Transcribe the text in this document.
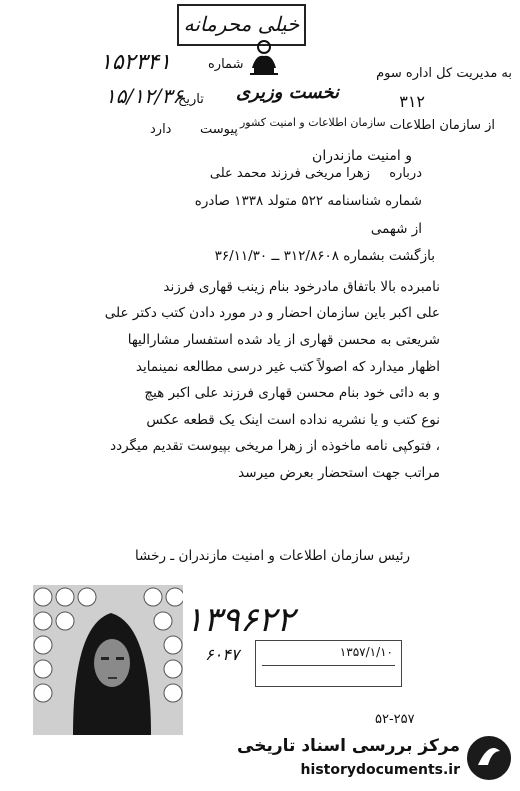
خیلی محرمانه
به مدیریت کل اداره سوم
شماره
۱۵۲۳۴۱
تاریخ
۱۵/۱۲/۳۶	نخست وزیری	۳۱۲
سازمان اطلاعات و امنیت کشور از سازمان اطلاعات
پیوست
دارد
و امنیت مازندران
درباره
زهرا مریخی فرزند محمد علی
شماره شناسنامه ۵۲۲ متولد ۱۳۳۸ صادره
از شهمی
بازگشت بشماره ۳۱۲/۸۶۰۸ ــ ۳۶/۱۱/۳۰
نامبرده بالا باتفاق مادرخود بنام زینب قهاری فرزند
علی اکبر باین سازمان احضار و در مورد دادن کتب دکتر علی
شریعتی به محسن قهاری از یاد شده استفسار مشارالیها
اظهار میدارد که اصولاً کتب غیر درسی مطالعه نمینماید
و به دائی خود بنام محسن قهاری فرزند علی اکبر هیچ
نوع کتب و یا نشریه نداده است اینک یک قطعه عکس
، فتوکپی نامه ماخوذه از زهرا مریخی بپیوست تقدیم میگردد
مراتب جهت استحضار بعرض میرسد
رئیس سازمان اطلاعات و امنیت مازندران ـ رخشا
۱۳۹۶۲۲
۶۰۴۷	۱۳۵۷/۱/۱۰
۵۲-۲۵۷
مرکز بررسی اسناد تاریخی
historydocuments.ir
